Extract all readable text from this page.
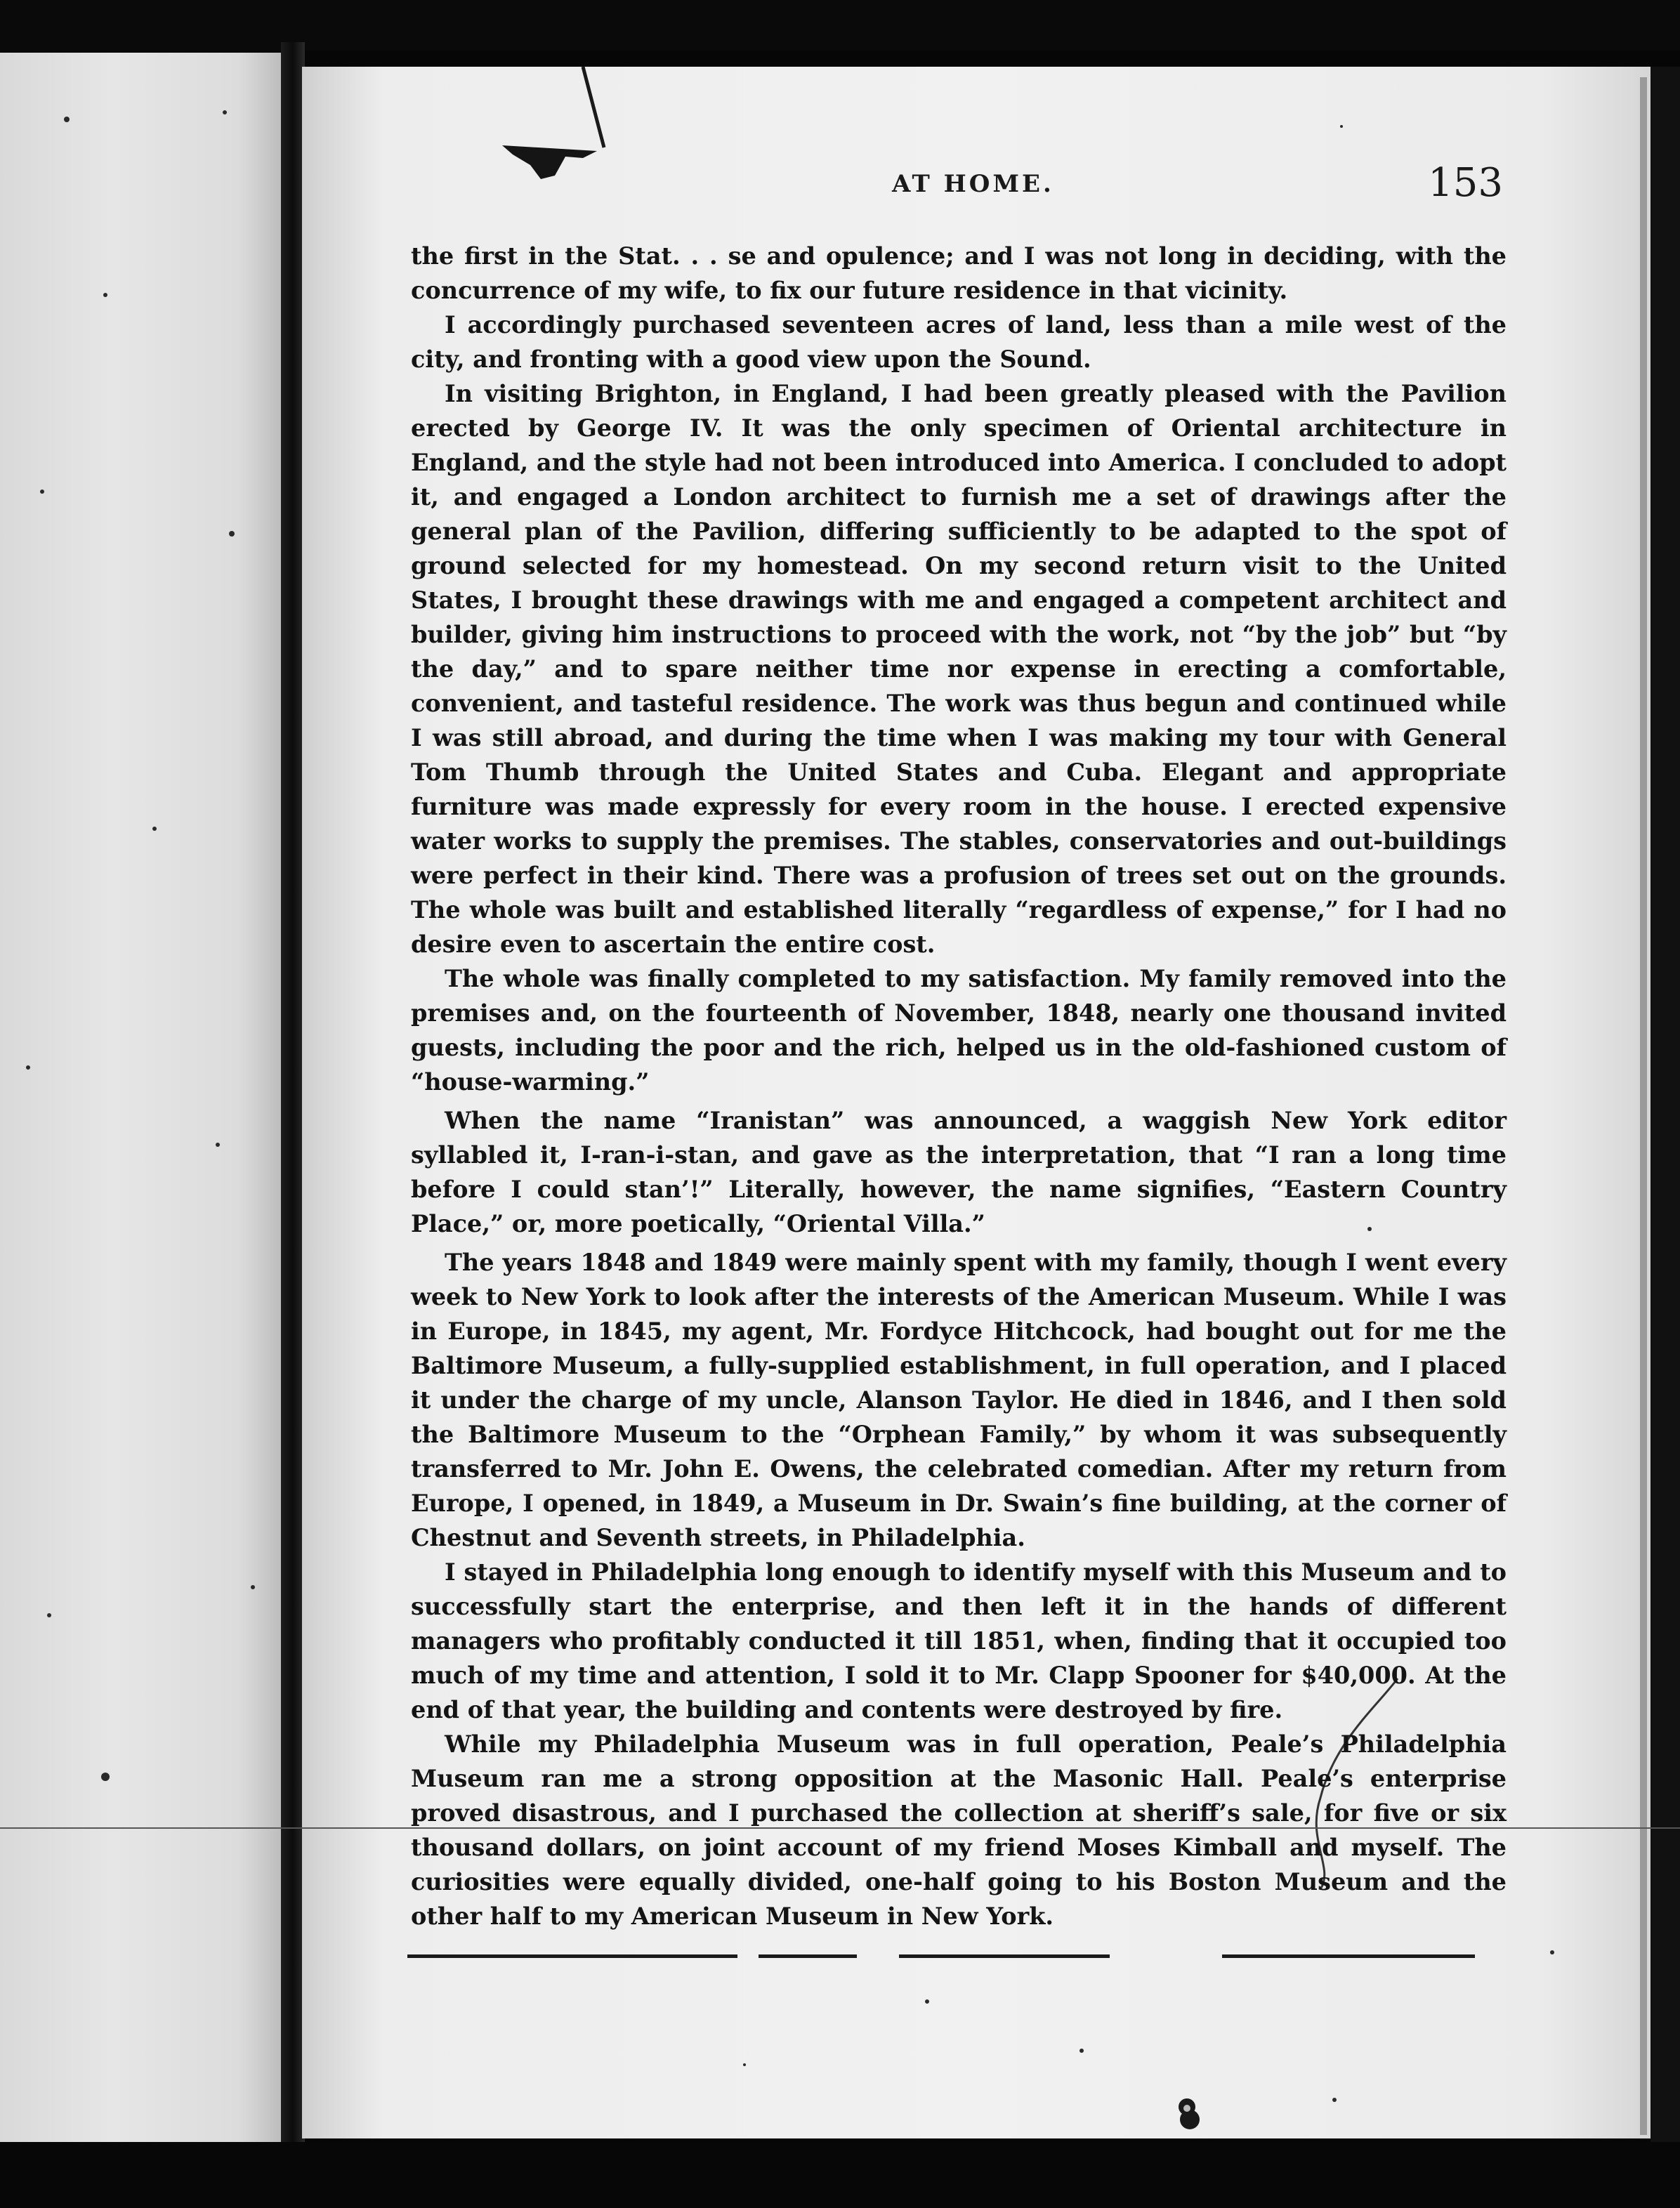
AT HOME.	153

the first in the Stat. . . se and opulence; and I was not long in deciding, with the concurrence of my wife, to fix our future residence in that vicinity.

I accordingly purchased seventeen acres of land, less than a mile west of the city, and fronting with a good view upon the Sound.

In visiting Brighton, in England, I had been greatly pleased with the Pavilion erected by George IV. It was the only specimen of Oriental architecture in England, and the style had not been introduced into America. I concluded to adopt it, and engaged a London architect to furnish me a set of drawings after the general plan of the Pavilion, differing sufficiently to be adapted to the spot of ground selected for my homestead. On my second return visit to the United States, I brought these drawings with me and engaged a competent architect and builder, giving him instructions to proceed with the work, not “by the job” but “by the day,” and to spare neither time nor expense in erecting a comfortable, convenient, and tasteful residence. The work was thus begun and continued while I was still abroad, and during the time when I was making my tour with General Tom Thumb through the United States and Cuba. Elegant and appropriate furniture was made expressly for every room in the house. I erected expensive water works to supply the premises. The stables, conservatories and out-buildings were perfect in their kind. There was a profusion of trees set out on the grounds. The whole was built and established literally “regardless of expense,” for I had no desire even to ascertain the entire cost.

The whole was finally completed to my satisfaction. My family removed into the premises and, on the fourteenth of November, 1848, nearly one thousand invited guests, including the poor and the rich, helped us in the old-fashioned custom of “house-warming.”

When the name “Iranistan” was announced, a waggish New York editor syllabled it, I-ran-i-stan, and gave as the interpretation, that “I ran a long time before I could stan’!” Literally, however, the name signifies, “Eastern Country Place,” or, more poetically, “Oriental Villa.”

The years 1848 and 1849 were mainly spent with my family, though I went every week to New York to look after the interests of the American Museum. While I was in Europe, in 1845, my agent, Mr. Fordyce Hitchcock, had bought out for me the Baltimore Museum, a fully-supplied establishment, in full operation, and I placed it under the charge of my uncle, Alanson Taylor. He died in 1846, and I then sold the Baltimore Museum to the “Orphean Family,” by whom it was subsequently transferred to Mr. John E. Owens, the celebrated comedian. After my return from Europe, I opened, in 1849, a Museum in Dr. Swain’s fine building, at the corner of Chestnut and Seventh streets, in Philadelphia.

I stayed in Philadelphia long enough to identify myself with this Museum and to successfully start the enterprise, and then left it in the hands of different managers who profitably conducted it till 1851, when, finding that it occupied too much of my time and attention, I sold it to Mr. Clapp Spooner for $40,000. At the end of that year, the building and contents were destroyed by fire.

While my Philadelphia Museum was in full operation, Peale’s Philadelphia Museum ran me a strong opposition at the Masonic Hall. Peale’s enterprise proved disastrous, and I purchased the collection at sheriff’s sale, for five or six thousand dollars, on joint account of my friend Moses Kimball and myself. The curiosities were equally divided, one-half going to his Boston Museum and the other half to my American Museum in New York.
